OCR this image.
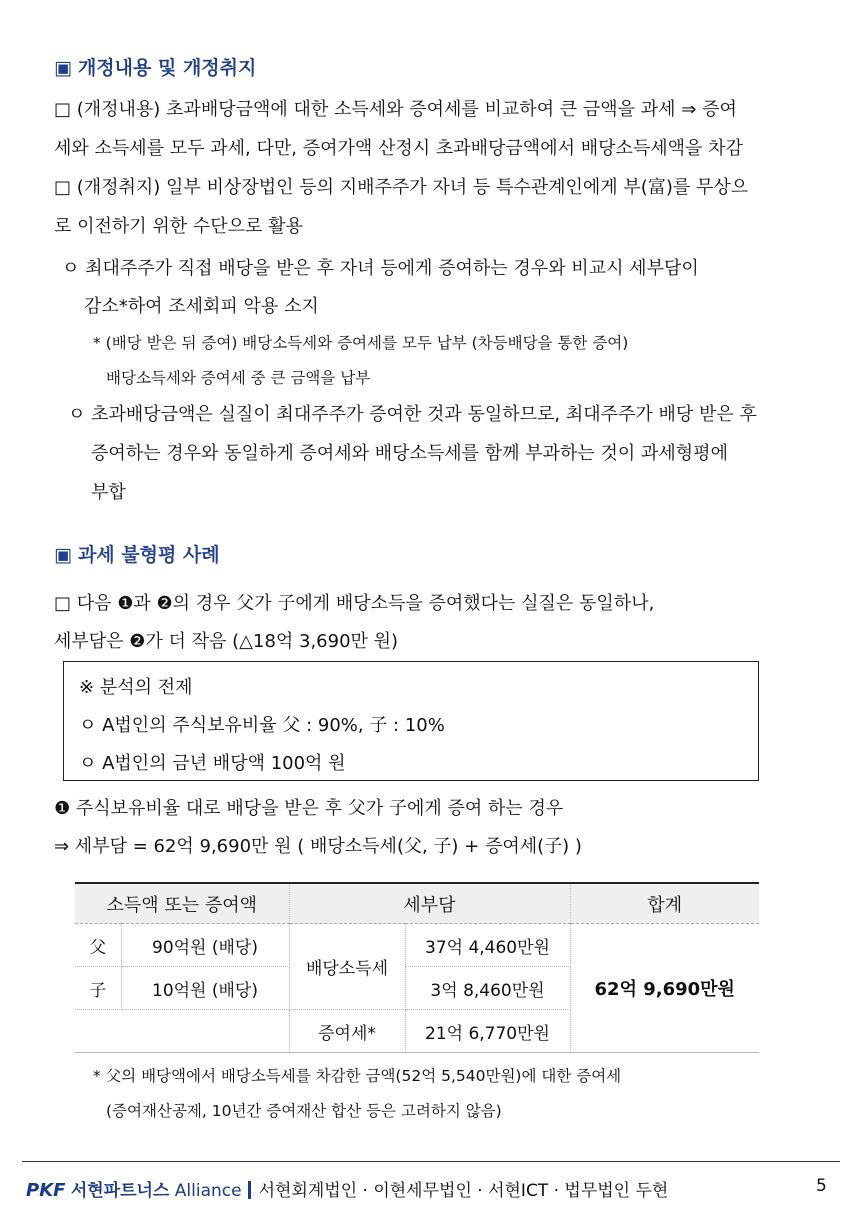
▣ 개정내용 및 개정취지
□ (개정내용) 초과배당금액에 대한 소득세와 증여세를 비교하여 큰 금액을 과세 ⇒ 증여
세와 소득세를 모두 과세, 다만, 증여가액 산정시 초과배당금액에서 배당소득세액을 차감
□ (개정취지) 일부 비상장법인 등의 지배주주가 자녀 등 특수관계인에게 부(富)를 무상으
로 이전하기 위한 수단으로 활용
ㅇ 최대주주가 직접 배당을 받은 후 자녀 등에게 증여하는 경우와 비교시 세부담이
감소*하여 조세회피 악용 소지
* (배당 받은 뒤 증여) 배당소득세와 증여세를 모두 납부 (차등배당을 통한 증여)
배당소득세와 증여세 중 큰 금액을 납부
ㅇ 초과배당금액은 실질이 최대주주가 증여한 것과 동일하므로, 최대주주가 배당 받은 후
증여하는 경우와 동일하게 증여세와 배당소득세를 함께 부과하는 것이 과세형평에
부합
▣ 과세 불형평 사례
□ 다음 ❶과 ❷의 경우 父가 子에게 배당소득을 증여했다는 실질은 동일하나,
세부담은 ❷가 더 작음 (△18억 3,690만 원)
※ 분석의 전제
ㅇ A법인의 주식보유비율 父 : 90%, 子 : 10%
ㅇ A법인의 금년 배당액 100억 원
❶ 주식보유비율 대로 배당을 받은 후 父가 子에게 증여 하는 경우
⇒ 세부담 = 62억 9,690만 원 ( 배당소득세(父, 子) + 증여세(子) )
소득액 또는 증여액		세부담		합계
父	90억원 (배당)	배당소득세	37억 4,460만원	62억 9,690만원
子	10억원 (배당)		3억 8,460만원	
		증여세*	21억 6,770만원	
* 父의 배당액에서 배당소득세를 차감한 금액(52억 5,540만원)에 대한 증여세
(증여재산공제, 10년간 증여재산 합산 등은 고려하지 않음)
PKF 서현파트너스 Alliance 서현회계법인 · 이현세무법인 · 서현ICT · 법무법인 두현	5
